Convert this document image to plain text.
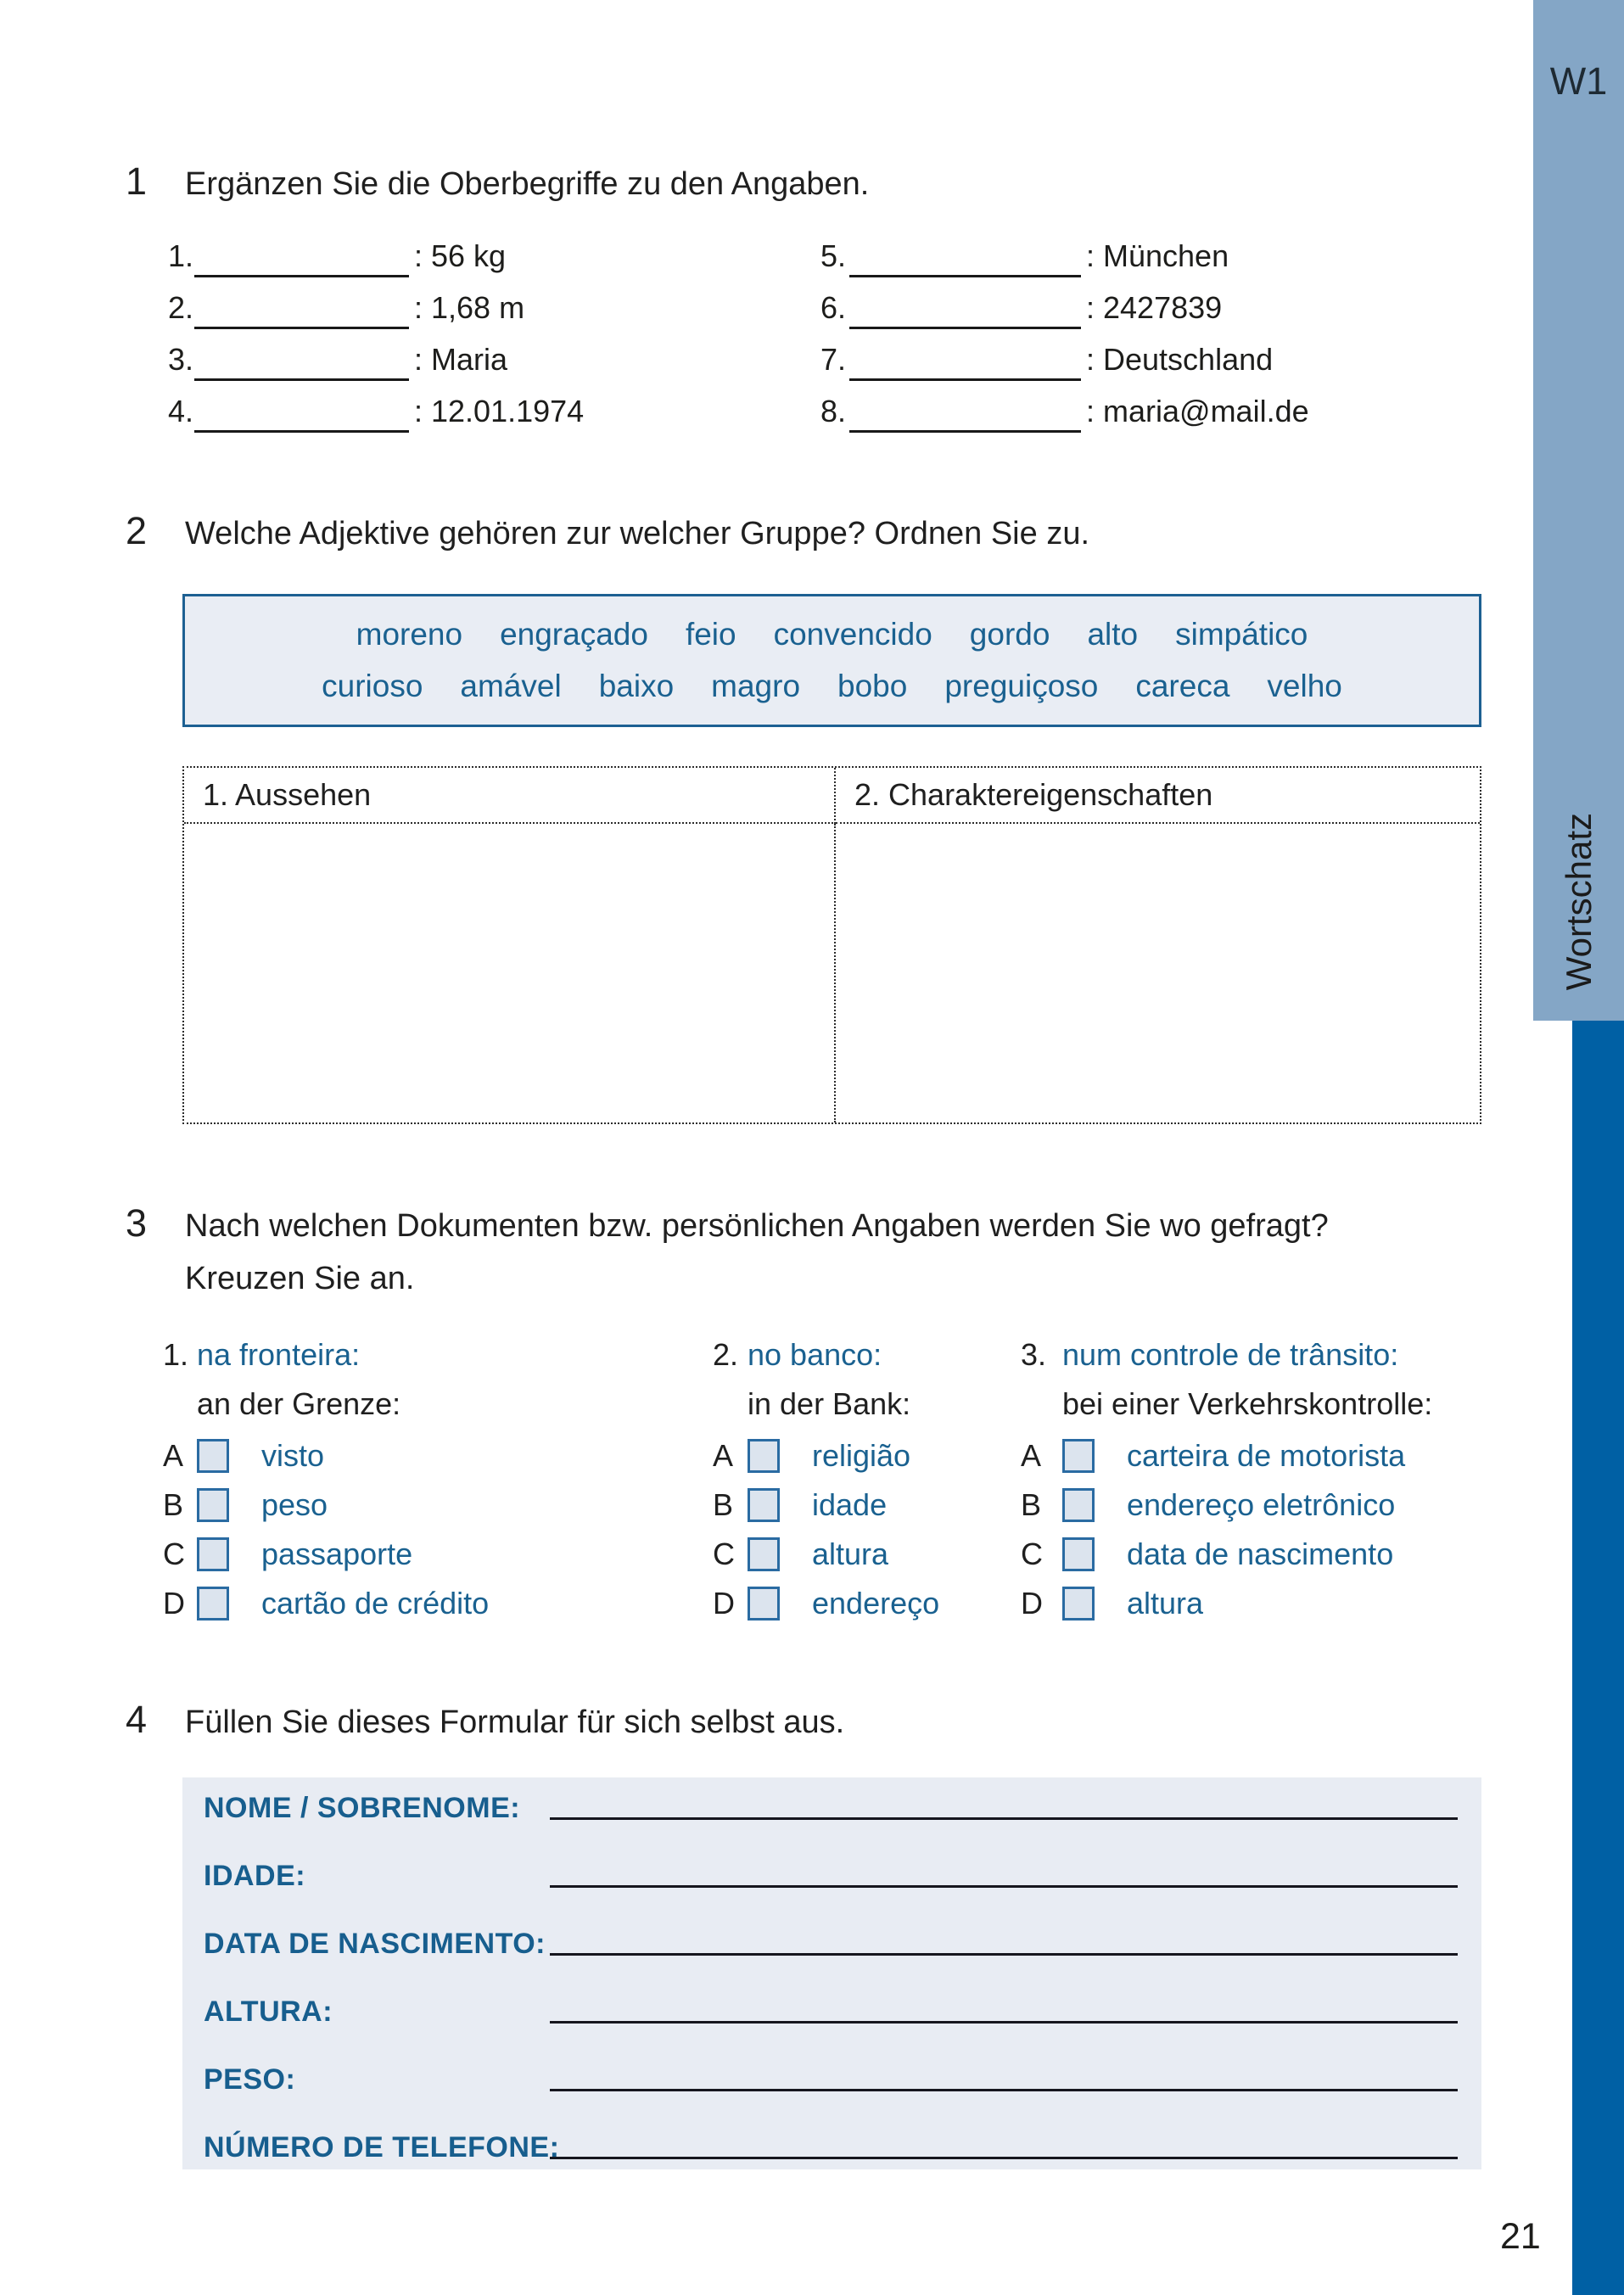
W1
Wortschatz
21
1	Ergänzen Sie die Oberbegriffe zu den Angaben.
1.	: 56 kg
2.	: 1,68 m
3.	: Maria
4.	: 12.01.1974
5.	: München
6.	: 2427839
7.	: Deutschland
8.	: maria@mail.de
2	Welche Adjektive gehören zur welcher Gruppe? Ordnen Sie zu.
moreno engraçado feio convencido gordo alto simpático
curioso amável baixo magro bobo preguiçoso careca velho
1. Aussehen	2. Charaktereigenschaften
3	Nach welchen Dokumenten bzw. persönlichen Angaben werden Sie wo gefragt?
Kreuzen Sie an.
1. na fronteira:
an der Grenze:
A	visto
B	peso
C	passaporte
D	cartão de crédito
2. no banco:
in der Bank:
A	religião
B	idade
C	altura
D	endereço
3. num controle de trânsito:
bei einer Verkehrskontrolle:
A	carteira de motorista
B	endereço eletrônico
C	data de nascimento
D	altura
4	Füllen Sie dieses Formular für sich selbst aus.
NOME / SOBRENOME:
IDADE:
DATA DE NASCIMENTO:
ALTURA:
PESO:
NÚMERO DE TELEFONE:
